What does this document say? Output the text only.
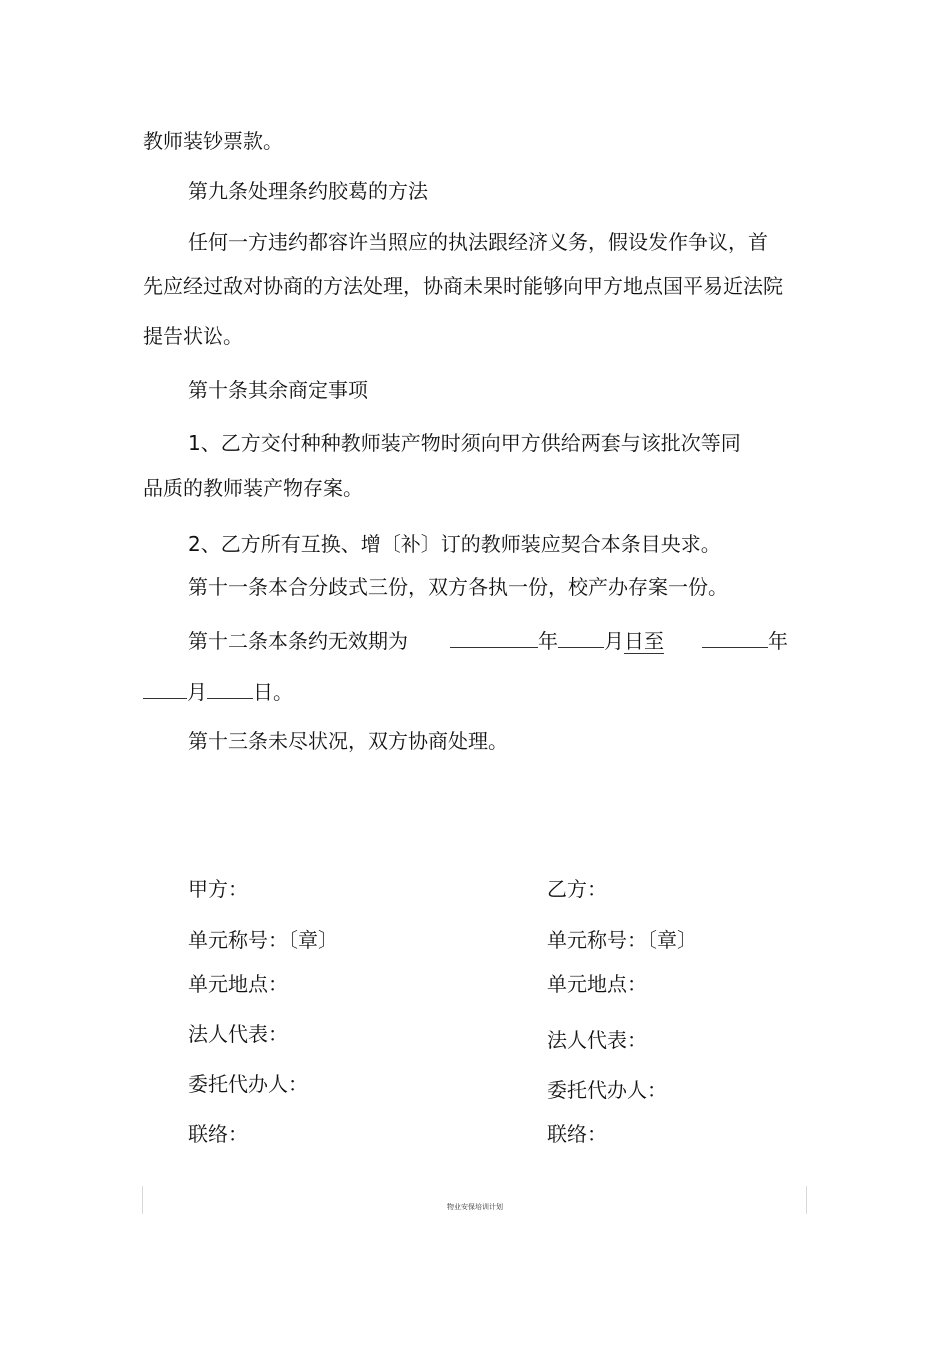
教师装钞票款。
第九条处理条约胶葛的方法
任何一方违约都容许当照应的执法跟经济义务，假设发作争议，首
先应经过敌对协商的方法处理，协商未果时能够向甲方地点国平易近法院
提告状讼。
第十条其余商定事项
1、乙方交付种种教师装产物时须向甲方供给两套与该批次等同
品质的教师装产物存案。
2、乙方所有互换、增〔补〕订的教师装应契合本条目央求。
第十一条本合分歧式三份，双方各执一份，校产办存案一份。
第十二条本条约无效期为	年 月日至	年
月 日。
第十三条未尽状况，双方协商处理。
甲方：
单元称号：〔章〕
单元地点：
法人代表：
委托代办人：
联络：
乙方：
单元称号：〔章〕
单元地点：
法人代表：
委托代办人：
联络：
物业安保培训计划
